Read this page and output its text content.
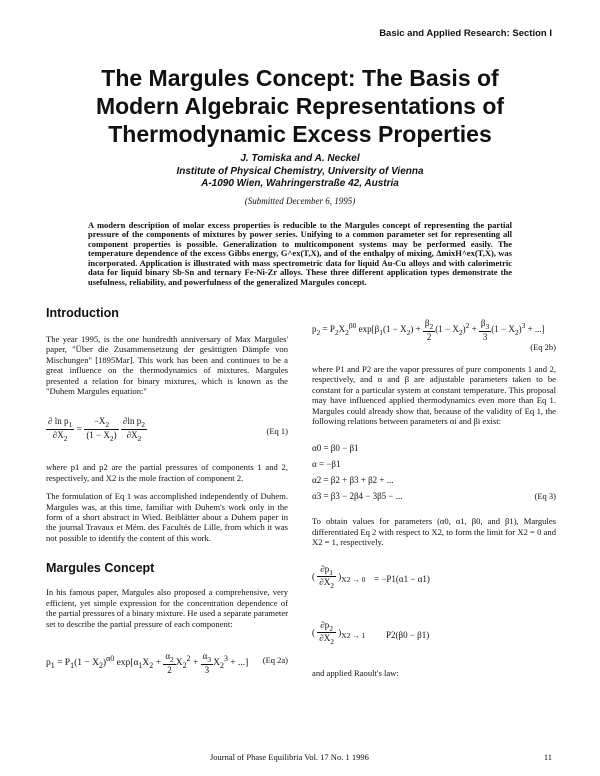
Basic and Applied Research: Section I
The Margules Concept: The Basis of
Modern Algebraic Representations of
Thermodynamic Excess Properties
J. Tomiska and A. Neckel
Institute of Physical Chemistry, University of Vienna
A-1090 Wien, Wahringerstraße 42, Austria
(Submitted December 6, 1995)

A modern description of molar excess properties is reducible to the Margules concept of representing the partial pressure of the components of mixtures by power series. Unifying to a common parameter set for representing all component properties is possible. Generalization to multicomponent systems may be performed easily. The temperature dependence of the excess Gibbs energy, G^ex(T,X), and of the enthalpy of mixing, ΔmixH^ex(T,X), was incorporated. Application is illustrated with mass spectrometric data for liquid Au-Cu alloys and with calorimetric data for liquid binary Sb-Sn and ternary Fe-Ni-Zr alloys. These three different application types demonstrate the usefulness, reliability, and powerfulness of the generalized Margules concept.

Introduction

The year 1995, is the one hundredth anniversary of Max Margules' paper, "Über die Zusammensetzung der gesättigten Dämpfe von Mischungen" [1895Mar]. This work has been and continues to be a great influence on the thermodynamics of mixtures. Margules presented a relation for binary mixtures, which is known as the "Duhem Margules equation:"

$\frac{\partial \ln p_1}{\partial X_2} = \frac{-X_2}{(1 - X_2)}$
$\frac{\partial\ln p_2}{\partial X_2}$	(Eq 1)

where p1 and p2 are the partial pressures of components 1 and 2, respectively, and X2 is the mole fraction of component 2.

The formulation of Eq 1 was accomplished independently of Duhem. Margules was, at this time, familiar with Duhem's work only in the form of a short abstract in Wied. Beiblätter about a Duhem paper in the journal Travaux et Mém. des Facultés de Lille, from which it was not possible to identify the content of this work.

Margules Concept

In his famous paper, Margules also proposed a comprehensive, very efficient, yet simple expression for the concentration dependence of the partial pressures of a binary mixture. He used a separate parameter set to describe the partial pressure of each component:

$p_1 = P_1(1 - X_2)^{\alpha 0}$ $\exp[\alpha_1X_2 + \frac{\alpha_2}{2} X_2^2 + \frac{\alpha_3}{3} X_2^3$ + ...] (Eq 2a)
$p_2 = P_2X_2^{\beta 0}$ $\exp[\beta_1(1 - X_2) + \frac{\beta_2}{2} (1 - X_2)^2 + \frac{\beta_3}{3} (1 - X_2)^3$ + ...]
(Eq 2b)

where P1 and P2 are the vapor pressures of pure components 1 and 2, respectively, and α and β are adjustable parameters taken to be constant for a particular system at constant temperature. This proposal may have influenced applied thermodynamics even more than Eq 1. Margules could already show that, because of the validity of Eq 1, the following relations between parameters αi and βi exist:

α0 = β0 − β1
α = −β1
α2 = β2 + β3 + β2 + ...
α3 = β3 − 2β4 − 3β5 − ...	(Eq 3)

To obtain values for parameters (α0, α1, β0, and β1), Margules differentiated Eq 2 with respect to X2, to form the limit for X2 = 0 and X2 = 1, respectively.

( $\frac{\partial p_1}{\partial X_2} )_{X2 \to 0} = -P1(\alpha 1 - \alpha 1)$
( $\frac{\partial p_2}{\partial X_2} )_{X2 \to 1}$ P2(β0 − β1)

and applied Raoult's law:

Journal of Phase Equilibria Vol. 17 No. 1 1996	11
